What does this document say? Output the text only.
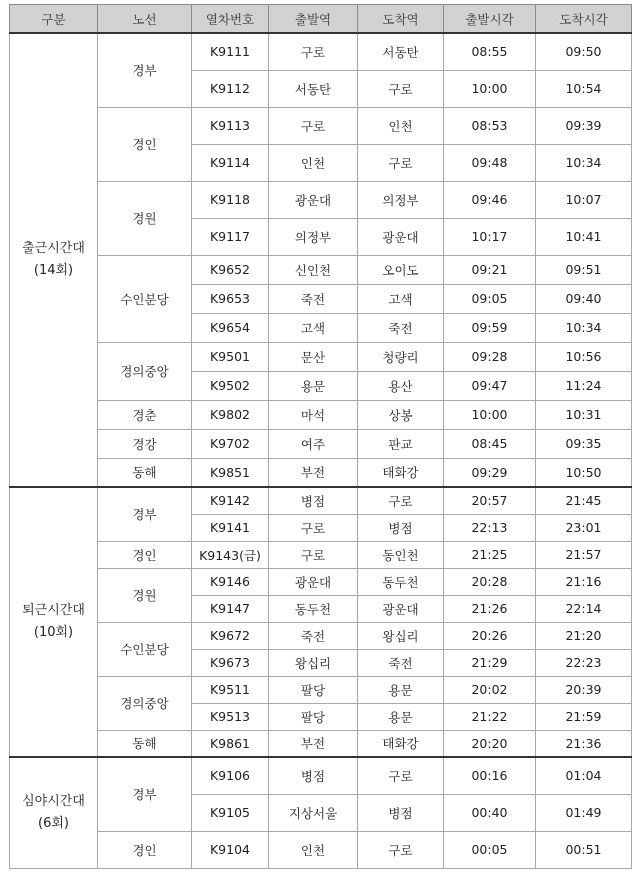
구분	노선	열차번호	출발역	도착역	출발시각	도착시각
출근시간대
(14회)	경부	K9111	구로	서동탄	08:55	09:50
		K9112	서동탄	구로	10:00	10:54
	경인	K9113	구로	인천	08:53	09:39
		K9114	인천	구로	09:48	10:34
	경원	K9118	광운대	의정부	09:46	10:07
		K9117	의정부	광운대	10:17	10:41
	수인분당	K9652	신인천	오이도	09:21	09:51
		K9653	죽전	고색	09:05	09:40
		K9654	고색	죽전	09:59	10:34
	경의중앙	K9501	문산	청량리	09:28	10:56
		K9502	용문	용산	09:47	11:24
	경춘	K9802	마석	상봉	10:00	10:31
	경강	K9702	여주	판교	08:45	09:35
	동해	K9851	부전	태화강	09:29	10:50
퇴근시간대
(10회)	경부	K9142	병점	구로	20:57	21:45
		K9141	구로	병점	22:13	23:01
	경인	K9143(금)	구로	동인천	21:25	21:57
	경원	K9146	광운대	동두천	20:28	21:16
		K9147	동두천	광운대	21:26	22:14
	수인분당	K9672	죽전	왕십리	20:26	21:20
		K9673	왕십리	죽전	21:29	22:23
	경의중앙	K9511	팔당	용문	20:02	20:39
		K9513	팔당	용문	21:22	21:59
	동해	K9861	부전	태화강	20:20	21:36
심야시간대
(6회)	경부	K9106	병점	구로	00:16	01:04
		K9105	지상서울	병점	00:40	01:49
	경인	K9104	인천	구로	00:05	00:51
